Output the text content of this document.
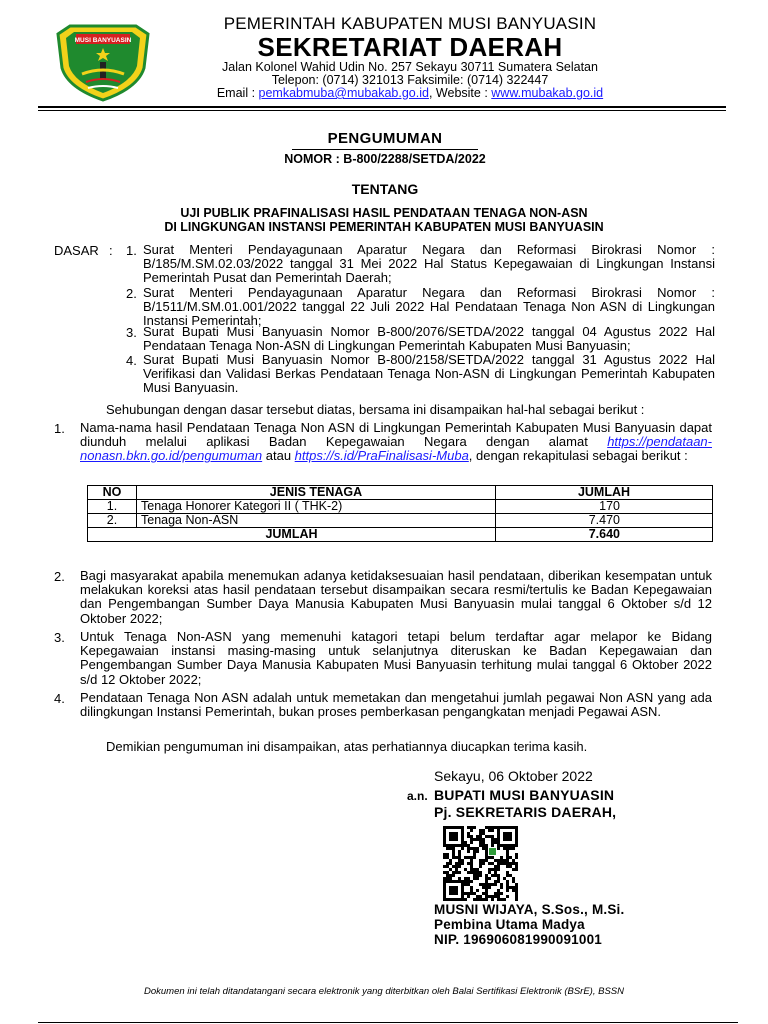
MUSI BANYUASIN
PEMERINTAH KABUPATEN MUSI BANYUASIN
SEKRETARIAT DAERAH
Jalan Kolonel Wahid Udin No. 257 Sekayu 30711 Sumatera Selatan
Telepon: (0714) 321013 Faksimile: (0714) 322447
Email : pemkabmuba@mubakab.go.id, Website : www.mubakab.go.id
PENGUMUMAN
NOMOR : B-800/2288/SETDA/2022
TENTANG
UJI PUBLIK PRAFINALISASI HASIL PENDATAAN TENAGA NON-ASN
DI LINGKUNGAN INSTANSI PEMERINTAH KABUPATEN MUSI BANYUASIN
DASAR : 1. Surat Menteri Pendayagunaan Aparatur Negara dan Reformasi Birokrasi Nomor : B/185/M.SM.02.03/2022 tanggal 31 Mei 2022 Hal Status Kepegawaian di Lingkungan Instansi Pemerintah Pusat dan Pemerintah Daerah;
2. Surat Menteri Pendayagunaan Aparatur Negara dan Reformasi Birokrasi Nomor : B/1511/M.SM.01.001/2022 tanggal 22 Juli 2022 Hal Pendataan Tenaga Non ASN di Lingkungan Instansi Pemerintah;
3. Surat Bupati Musi Banyuasin Nomor B-800/2076/SETDA/2022 tanggal 04 Agustus 2022 Hal Pendataan Tenaga Non-ASN di Lingkungan Pemerintah Kabupaten Musi Banyuasin;
4. Surat Bupati Musi Banyuasin Nomor B-800/2158/SETDA/2022 tanggal 31 Agustus 2022 Hal Verifikasi dan Validasi Berkas Pendataan Tenaga Non-ASN di Lingkungan Pemerintah Kabupaten Musi Banyuasin.
Sehubungan dengan dasar tersebut diatas, bersama ini disampaikan hal-hal sebagai berikut :
1. Nama-nama hasil Pendataan Tenaga Non ASN di Lingkungan Pemerintah Kabupaten Musi Banyuasin dapat diunduh melalui aplikasi Badan Kepegawaian Negara dengan alamat https://pendataan-nonasn.bkn.go.id/pengumuman atau https://s.id/PraFinalisasi-Muba, dengan rekapitulasi sebagai berikut :
NO	JENIS TENAGA	JUMLAH
1.	Tenaga Honorer Kategori II ( THK-2)	170
2.	Tenaga Non-ASN	7.470
JUMLAH		7.640
2. Bagi masyarakat apabila menemukan adanya ketidaksesuaian hasil pendataan, diberikan kesempatan untuk melakukan koreksi atas hasil pendataan tersebut disampaikan secara resmi/tertulis ke Badan Kepegawaian dan Pengembangan Sumber Daya Manusia Kabupaten Musi Banyuasin mulai tanggal 6 Oktober s/d 12 Oktober 2022;
3. Untuk Tenaga Non-ASN yang memenuhi katagori tetapi belum terdaftar agar melapor ke Bidang Kepegawaian instansi masing-masing untuk selanjutnya diteruskan ke Badan Kepegawaian dan Pengembangan Sumber Daya Manusia Kabupaten Musi Banyuasin terhitung mulai tanggal 6 Oktober 2022 s/d 12 Oktober 2022;
4. Pendataan Tenaga Non ASN adalah untuk memetakan dan mengetahui jumlah pegawai Non ASN yang ada dilingkungan Instansi Pemerintah, bukan proses pemberkasan pengangkatan menjadi Pegawai ASN.
Demikian pengumuman ini disampaikan, atas perhatiannya diucapkan terima kasih.
Sekayu, 06 Oktober 2022
a.n. BUPATI MUSI BANYUASIN
Pj. SEKRETARIS DAERAH,
MUSNI WIJAYA, S.Sos., M.Si.
Pembina Utama Madya
NIP. 196906081990091001
Dokumen ini telah ditandatangani secara elektronik yang diterbitkan oleh Balai Sertifikasi Elektronik (BSrE), BSSN
